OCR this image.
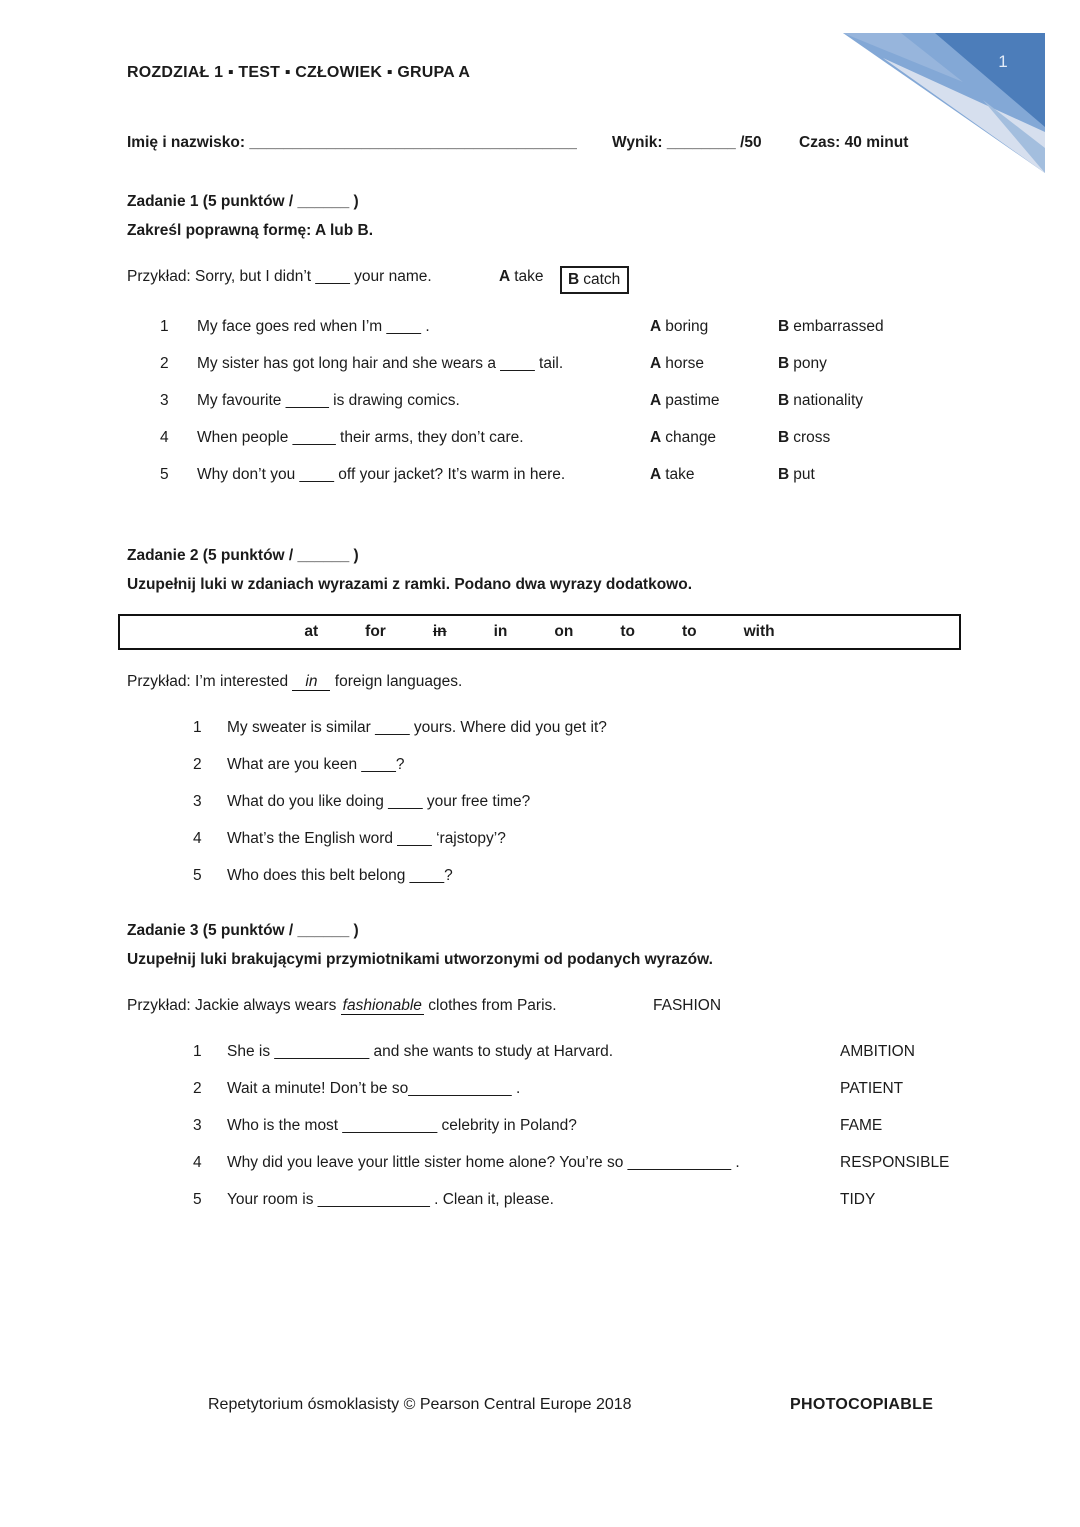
1
ROZDZIAŁ 1 ▪ TEST ▪ CZŁOWIEK ▪ GRUPA A
Imię i nazwisko: ______________________________________ Wynik: ________ /50 Czas: 40 minut
Zadanie 1 (5 punktów / ______ )
Zakreśl poprawną formę: A lub B.
Przykład: Sorry, but I didn’t ____ your name.	A take	B catch
1 My face goes red when I’m ____ .	A boring	B embarrassed
2 My sister has got long hair and she wears a ____ tail.	A horse	B pony
3 My favourite _____ is drawing comics.	A pastime	B nationality
4 When people _____ their arms, they don’t care.	A change	B cross
5 Why don’t you ____ off your jacket? It’s warm in here.	A take	B put
Zadanie 2 (5 punktów / ______ )
Uzupełnij luki w zdaniach wyrazami z ramki. Podano dwa wyrazy dodatkowo.
at	for	in	in	on	to	to	with
Przykład: I’m interested in foreign languages.
1 My sweater is similar ____ yours. Where did you get it?
2 What are you keen ____?
3 What do you like doing ____ your free time?
4 What’s the English word ____ ‘rajstopy’?
5 Who does this belt belong ____?
Zadanie 3 (5 punktów / ______ )
Uzupełnij luki brakującymi przymiotnikami utworzonymi od podanych wyrazów.
Przykład: Jackie always wears fashionable clothes from Paris.	FASHION
1 She is ___________ and she wants to study at Harvard.	AMBITION
2 Wait a minute! Don’t be so____________ .	PATIENT
3 Who is the most ___________ celebrity in Poland?	FAME
4 Why did you leave your little sister home alone? You’re so ____________ .	RESPONSIBLE
5 Your room is _____________ . Clean it, please.	TIDY
Repetytorium ósmoklasisty © Pearson Central Europe 2018	PHOTOCOPIABLE
